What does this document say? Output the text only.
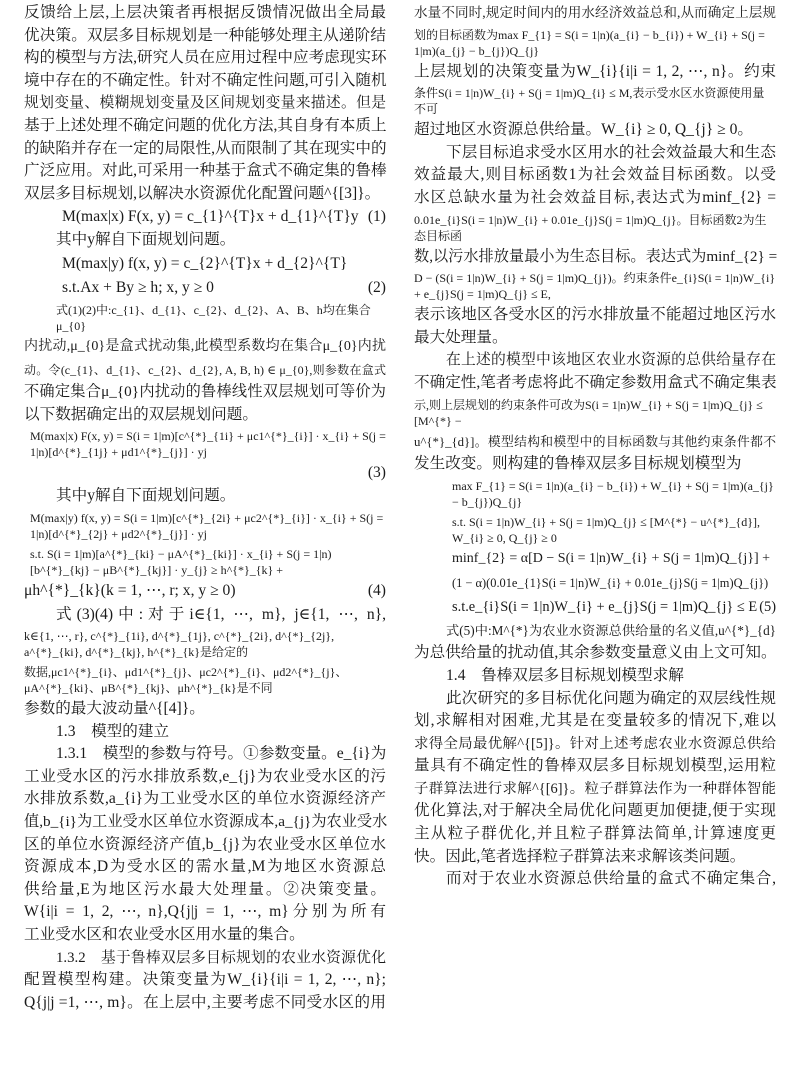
反馈给上层,上层决策者再根据反馈情况做出全局最
优决策。双层多目标规划是一种能够处理主从递阶结
构的模型与方法,研究人员在应用过程中应考虑现实环
境中存在的不确定性。针对不确定性问题,可引入随机
规划变量、模糊规划变量及区间规划变量来描述。但是
基于上述处理不确定问题的优化方法,其自身有本质上
的缺陷并存在一定的局限性,从而限制了其在现实中的
广泛应用。对此,可采用一种基于盒式不确定集的鲁棒
双层多目标规划,以解决水资源优化配置问题^{[3]}。
M(max|x) F(x, y) = c_{1}^{T}x + d_{1}^{T}y (1)
其中y解自下面规划问题。
M(max|y) f(x, y) = c_{2}^{T}x + d_{2}^{T}
s.t.Ax + By ≥ h; x, y ≥ 0	(2)
式(1)(2)中:c_{1}、d_{1}、c_{2}、d_{2}、A、B、h均在集合μ_{0}
内扰动,μ_{0}是盒式扰动集,此模型系数均在集合μ_{0}内扰
动。令(c_{1}、d_{1}、c_{2}、d_{2}, A, B, h) ∈ μ_{0},则参数在盒式
不确定集合μ_{0}内扰动的鲁棒线性双层规划可等价为
以下数据确定出的双层规划问题。
M(max|x) F(x, y) = S(i = 1|m)[c^{*}_{1i} + μc1^{*}_{i}] · x_{i} + S(j = 1|n)[d^{*}_{1j} + μd1^{*}_{j}] · yj
(3)
其中y解自下面规划问题。
M(max|y) f(x, y) = S(i = 1|m)[c^{*}_{2i} + μc2^{*}_{i}] · x_{i} + S(j = 1|n)[d^{*}_{2j} + μd2^{*}_{j}] · yj
s.t. S(i = 1|m)[a^{*}_{ki} − μA^{*}_{ki}] · x_{i} + S(j = 1|n)[b^{*}_{kj} − μB^{*}_{kj}] · y_{j} ≥ h^{*}_{k} +
μh^{*}_{k}(k = 1, ⋯, r; x, y ≥ 0)	(4)
式(3)(4)中:对于i∈{1, ⋯, m}, j∈{1, ⋯, n},
k∈{1, ⋯, r}, c^{*}_{1i}, d^{*}_{1j}, c^{*}_{2i}, d^{*}_{2j}, a^{*}_{ki}, d^{*}_{kj}, h^{*}_{k}是给定的
数据,μc1^{*}_{i}、μd1^{*}_{j}、μc2^{*}_{i}、μd2^{*}_{j}、μA^{*}_{ki}、μB^{*}_{kj}、μh^{*}_{k}是不同
参数的最大波动量^{[4]}。
1.3　模型的建立
1.3.1　模型的参数与符号。①参数变量。e_{i}为
工业受水区的污水排放系数,e_{j}为农业受水区的污
水排放系数,a_{i}为工业受水区的单位水资源经济产
值,b_{i}为工业受水区单位水资源成本,a_{j}为农业受水
区的单位水资源经济产值,b_{j}为农业受水区单位水
资源成本,D为受水区的需水量,M为地区水资源总
供给量,E为地区污水最大处理量。②决策变量。
W{i|i = 1, 2, ⋯, n},Q{j|j = 1, ⋯, m}分别为所有
工业受水区和农业受水区用水量的集合。
1.3.2　基于鲁棒双层多目标规划的农业水资源优化
配置模型构建。决策变量为W_{i}{i|i = 1, 2, ⋯, n};
Q{j|j =1, ⋯, m}。在上层中,主要考虑不同受水区的用
水量不同时,规定时间内的用水经济效益总和,从而确定上层规
划的目标函数为max F_{1} = S(i = 1|n)(a_{i} − b_{i}) + W_{i} + S(j = 1|m)(a_{j} − b_{j})Q_{j}
上层规划的决策变量为W_{i}{i|i = 1, 2, ⋯, n}。约束
条件S(i = 1|n)W_{i} + S(j = 1|m)Q_{i} ≤ M,表示受水区水资源使用量不可
超过地区水资源总供给量。W_{i} ≥ 0, Q_{j} ≥ 0。
下层目标追求受水区用水的社会效益最大和生态
效益最大,则目标函数1为社会效益目标函数。以受
水区总缺水量为社会效益目标,表达式为minf_{2} =
0.01e_{i}S(i = 1|n)W_{i} + 0.01e_{j}S(j = 1|m)Q_{j}。目标函数2为生态目标函
数,以污水排放量最小为生态目标。表达式为minf_{2} =
D − (S(i = 1|n)W_{i} + S(j = 1|m)Q_{j})。约束条件e_{i}S(i = 1|n)W_{i} + e_{j}S(j = 1|m)Q_{j} ≤ E,
表示该地区各受水区的污水排放量不能超过地区污水
最大处理量。
在上述的模型中该地区农业水资源的总供给量存在
不确定性,笔者考虑将此不确定参数用盒式不确定集表
示,则上层规划的约束条件可改为S(i = 1|n)W_{i} + S(j = 1|m)Q_{j} ≤ [M^{*} −
u^{*}_{d}]。模型结构和模型中的目标函数与其他约束条件都不
发生改变。则构建的鲁棒双层多目标规划模型为
max F_{1} = S(i = 1|n)(a_{i} − b_{i}) + W_{i} + S(j = 1|m)(a_{j} − b_{j})Q_{j}
s.t. S(i = 1|n)W_{i} + S(j = 1|m)Q_{j} ≤ [M^{*} − u^{*}_{d}], W_{i} ≥ 0, Q_{j} ≥ 0
minf_{2} = α[D − S(i = 1|n)W_{i} + S(j = 1|m)Q_{j}] +
(1 − α)(0.01e_{1}S(i = 1|n)W_{i} + 0.01e_{j}S(j = 1|m)Q_{j})
s.t.e_{i}S(i = 1|n)W_{i} + e_{j}S(j = 1|m)Q_{j} ≤ E (5)
式(5)中:M^{*}为农业水资源总供给量的名义值,u^{*}_{d}
为总供给量的扰动值,其余参数变量意义由上文可知。
1.4　鲁棒双层多目标规划模型求解
此次研究的多目标优化问题为确定的双层线性规
划,求解相对困难,尤其是在变量较多的情况下,难以
求得全局最优解^{[5]}。针对上述考虑农业水资源总供给
量具有不确定性的鲁棒双层多目标规划模型,运用粒
子群算法进行求解^{[6]}。粒子群算法作为一种群体智能
优化算法,对于解决全局优化问题更加便捷,便于实现
主从粒子群优化,并且粒子群算法简单,计算速度更
快。因此,笔者选择粒子群算法来求解该类问题。
而对于农业水资源总供给量的盒式不确定集合,
